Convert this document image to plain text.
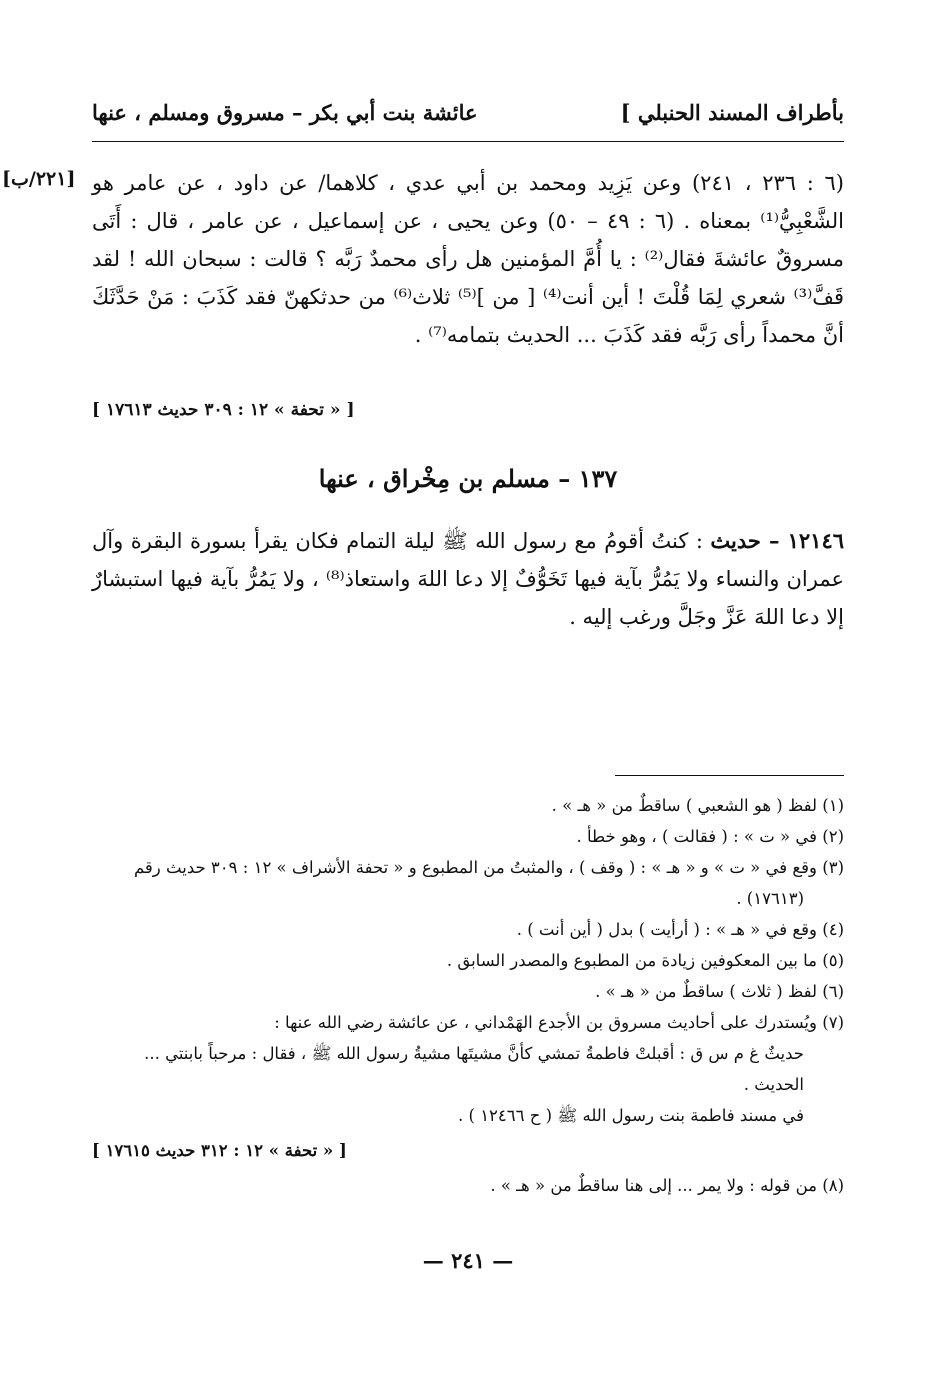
بأطراف المسند الحنبلي ]
عائشة بنت أبي بكر – مسروق ومسلم ، عنها
[٢٢١/ب] (٦ : ٢٣٦ ، ٢٤١) وعن يَزِيد ومحمد بن أبي عدي ، كلاهما/ عن داود ، عن عامر هو الشَّعْبِيُّ⁽¹⁾ بمعناه . (٦ : ٤٩ – ٥٠) وعن يحيى ، عن إسماعيل ، عن عامر ، قال : أَتَى مسروقٌ عائشةَ فقال⁽²⁾ : يا أُمَّ المؤمنين هل رأى محمدٌ رَبَّه ؟ قالت : سبحان الله ! لقد قَفَّ⁽³⁾ شعري لِمَا قُلْتَ ! أين أنت⁽⁴⁾ [ من ]⁽⁵⁾ ثلاث⁽⁶⁾ من حدثكهنّ فقد كَذَبَ : مَنْ حَدَّثَكَ أنَّ محمداً رأى رَبَّه فقد كَذَبَ ... الحديث بتمامه⁽⁷⁾ .

[ « تحفة » ١٢ : ٣٠٩ حديث ١٧٦١٣ ]
١٣٧ – مسلم بن مِخْراق ، عنها

١٢١٤٦ – حديث : كنتُ أقومُ مع رسول الله ﷺ ليلة التمام فكان يقرأ بسورة البقرة وآل عمران والنساء ولا يَمُرُّ بآية فيها تَخَوُّفٌ إلا دعا اللهَ واستعاذ⁽⁸⁾ ، ولا يَمُرُّ بآية فيها استبشارٌ إلا دعا اللهَ عَزَّ وجَلَّ ورغب إليه .

(١) لفظ ( هو الشعبي ) ساقطٌ من « هـ » .

(٢) في « ت » : ( فقالت ) ، وهو خطأ .

(٣) وقع في « ت » و « هـ » : ( وقف ) ، والمثبتُ من المطبوع و « تحفة الأشراف » ١٢ : ٣٠٩ حديث رقم (١٧٦١٣) .

(٤) وقع في « هـ » : ( أرأيت ) بدل ( أين أنت ) .

(٥) ما بين المعكوفين زيادة من المطبوع والمصدر السابق .

(٦) لفظ ( ثلاث ) ساقطٌ من « هـ » .

(٧) ويُستدرك على أحاديث مسروق بن الأجدع الهَمْداني ، عن عائشة رضي الله عنها :

حديثٌ غ م س ق : أقبلتْ فاطمةُ تمشي كأنَّ مشيتَها مشيةُ رسول الله ﷺ ، فقال : مرحباً بابنتي ... الحديث .

في مسند فاطمة بنت رسول الله ﷺ ( ح ١٢٤٦٦ ) .

[ « تحفة » ١٢ : ٣١٢ حديث ١٧٦١٥ ]

(٨) من قوله : ولا يمر ... إلى هنا ساقطٌ من « هـ » .

— ٢٤١ —
